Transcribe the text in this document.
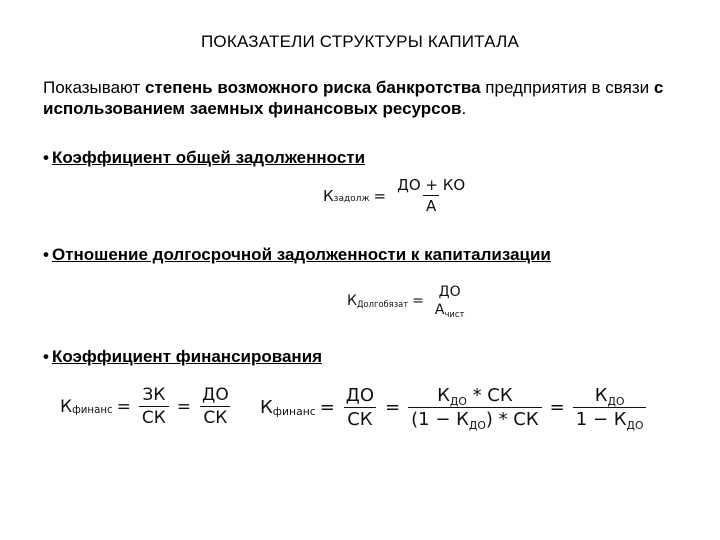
ПОКАЗАТЕЛИ СТРУКТУРЫ КАПИТАЛА
Показывают степень возможного риска банкротства предприятия в связи с использованием заемных финансовых ресурсов.
• Коэффициент общей задолженности
К задолж = $\frac{ДО + КО}{А}$
• Отношение долгосрочной задолженности к капитализации
К Долгобязат =
ДО
$А_{чист}$
• Коэффициент финансирования
К финанс = $\frac{ЗК}{СК} = \frac{ДО}{СК}$ К финанс = $\frac{ДО}{СК} = \frac{К_{ДО} * СК}{(1 - К_{ДО}) * СК} = \frac{К_{ДО}}{1 - К_{ДО}}$
